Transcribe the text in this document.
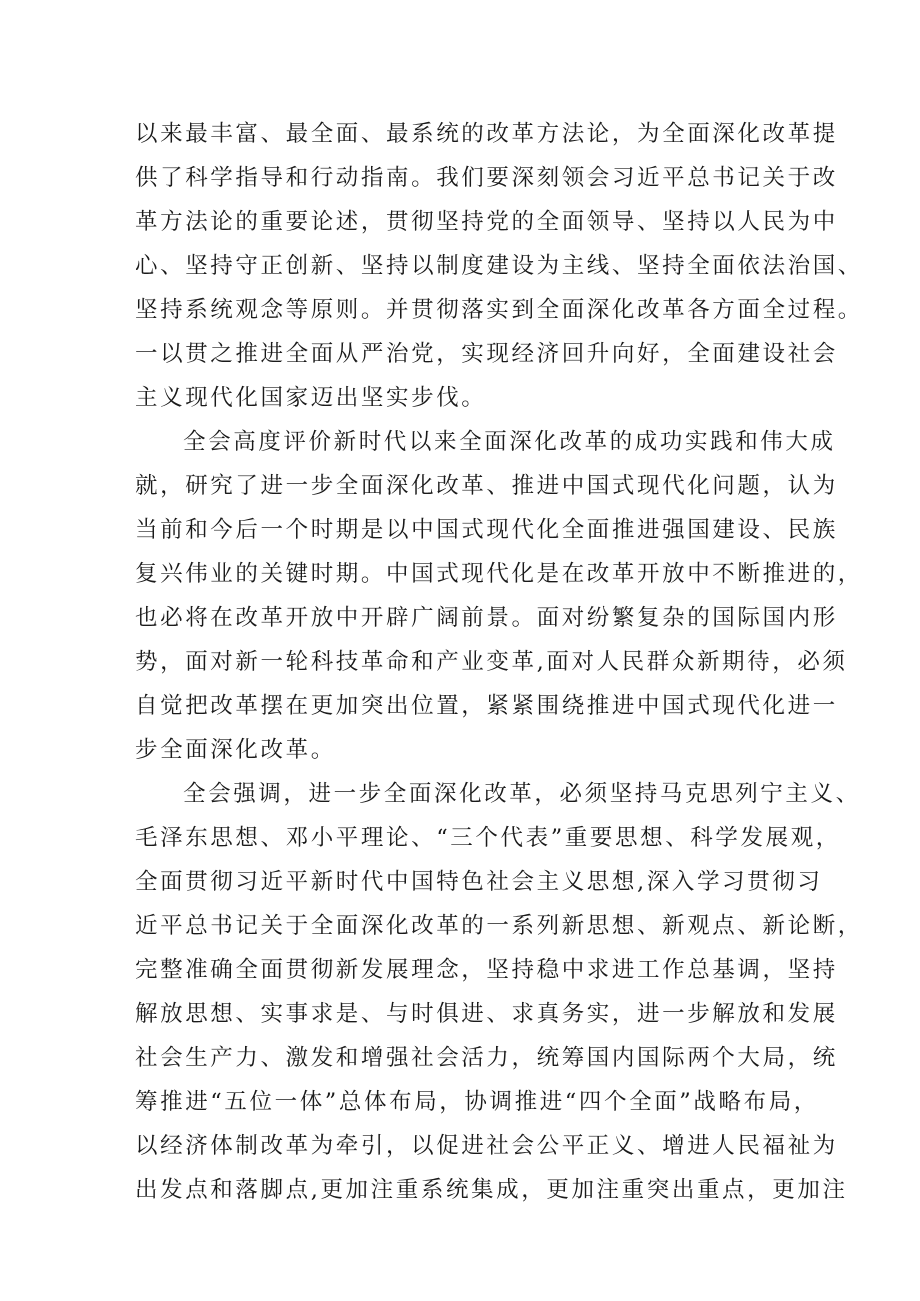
以来最丰富、最全面、最系统的改革方法论，为全面深化改革提
供了科学指导和行动指南。我们要深刻领会习近平总书记关于改
革方法论的重要论述，贯彻坚持党的全面领导、坚持以人民为中
心、坚持守正创新、坚持以制度建设为主线、坚持全面依法治国、
坚持系统观念等原则。并贯彻落实到全面深化改革各方面全过程。
一以贯之推进全面从严治党，实现经济回升向好，全面建设社会
主义现代化国家迈出坚实步伐。
全会高度评价新时代以来全面深化改革的成功实践和伟大成
就，研究了进一步全面深化改革、推进中国式现代化问题，认为
当前和今后一个时期是以中国式现代化全面推进强国建设、民族
复兴伟业的关键时期。中国式现代化是在改革开放中不断推进的，
也必将在改革开放中开辟广阔前景。面对纷繁复杂的国际国内形
势，面对新一轮科技革命和产业变革,面对人民群众新期待，必须
自觉把改革摆在更加突出位置，紧紧围绕推进中国式现代化进一
步全面深化改革。
全会强调，进一步全面深化改革，必须坚持马克思列宁主义、
毛泽东思想、邓小平理论、“三个代表”重要思想、科学发展观，
全面贯彻习近平新时代中国特色社会主义思想,深入学习贯彻习
近平总书记关于全面深化改革的一系列新思想、新观点、新论断，
完整准确全面贯彻新发展理念，坚持稳中求进工作总基调，坚持
解放思想、实事求是、与时俱进、求真务实，进一步解放和发展
社会生产力、激发和增强社会活力，统筹国内国际两个大局，统
筹推进“五位一体”总体布局，协调推进“四个全面”战略布局，
以经济体制改革为牵引，以促进社会公平正义、增进人民福祉为
出发点和落脚点,更加注重系统集成，更加注重突出重点，更加注
